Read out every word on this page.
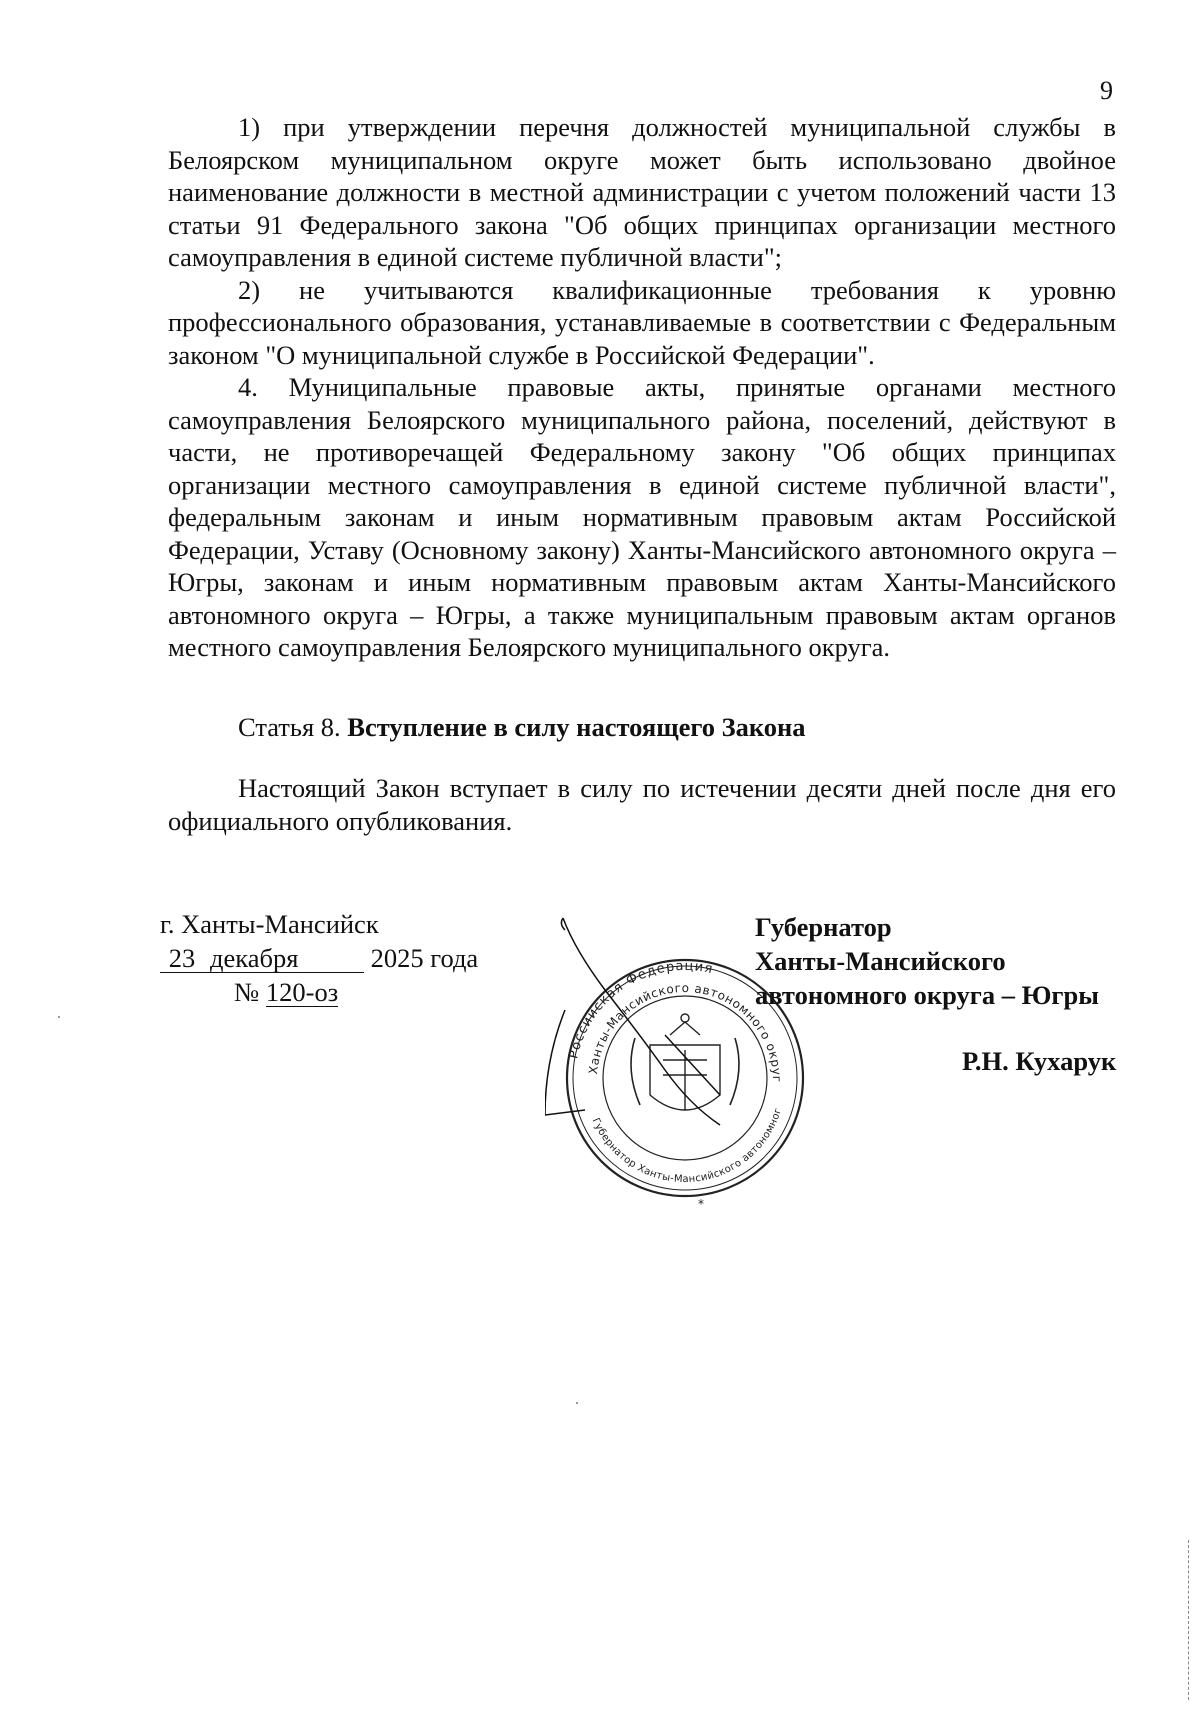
9

1) при утверждении перечня должностей муниципальной службы в Белоярском муниципальном округе может быть использовано двойное наименование должности в местной администрации с учетом положений части 13 статьи 91 Федерального закона "Об общих принципах организации местного самоуправления в единой системе публичной власти";

2) не учитываются квалификационные требования к уровню профессионального образования, устанавливаемые в соответствии с Федеральным законом "О муниципальной службе в Российской Федерации".

4. Муниципальные правовые акты, принятые органами местного самоуправления Белоярского муниципального района, поселений, действуют в части, не противоречащей Федеральному закону "Об общих принципах организации местного самоуправления в единой системе публичной власти", федеральным законам и иным нормативным правовым актам Российской Федерации, Уставу (Основному закону) Ханты-Мансийского автономного округа – Югры, законам и иным нормативным правовым актам Ханты-Мансийского автономного округа – Югры, а также муниципальным правовым актам органов местного самоуправления Белоярского муниципального округа.

Статья 8. Вступление в силу настоящего Закона

Настоящий Закон вступает в силу по истечении десяти дней после дня его официального опубликования.

г. Ханты-Мансийск
23 декабря	2025 года
№ 120-оз
Российская Федерация
Ханты-Мансийского автономного округ
Губернатор Ханты-Мансийского автономног
*
Губернатор
Ханты-Мансийского
автономного округа – Югры
Р.Н. Кухарук
